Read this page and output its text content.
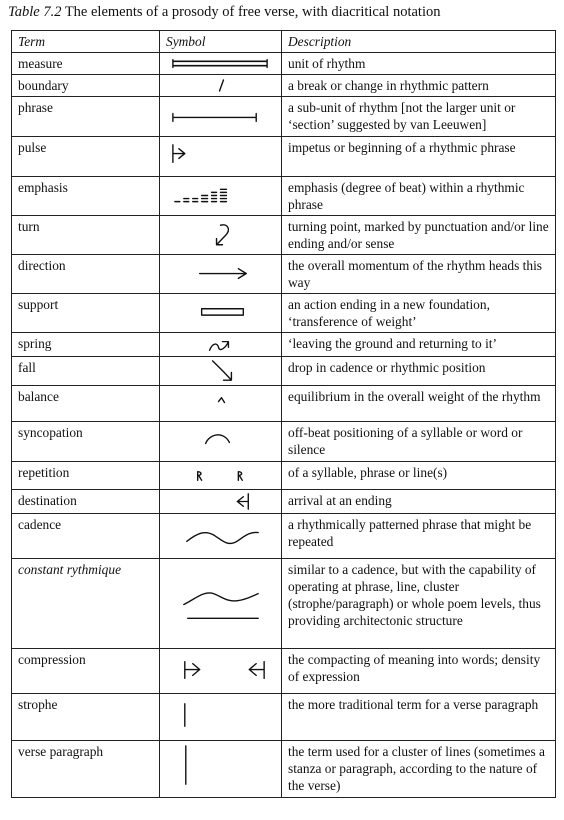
Table 7.2 The elements of a prosody of free verse, with diacritical notation
Term	Symbol	Description
measure		unit of rhythm
boundary		a break or change in rhythmic pattern
phrase		a sub-unit of rhythm [not the larger unit or ‘section’ suggested by van Leeuwen]
pulse		impetus or beginning of a rhythmic phrase
emphasis		emphasis (degree of beat) within a rhythmic phrase
turn		turning point, marked by punctuation and/or line ending and/or sense
direction		the overall momentum of the rhythm heads this way
support		an action ending in a new foundation, ‘transference of weight’
spring		‘leaving the ground and returning to it’
fall		drop in cadence or rhythmic position
balance		equilibrium in the overall weight of the rhythm
syncopation		off-beat positioning of a syllable or word or silence
repetition		of a syllable, phrase or line(s)
destination		arrival at an ending
cadence		a rhythmically patterned phrase that might be repeated
constant rythmique		similar to a cadence, but with the capability of operating at phrase, line, cluster (strophe/paragraph) or whole poem levels, thus providing architectonic structure
compression		the compacting of meaning into words; density of expression
strophe		the more traditional term for a verse paragraph
verse paragraph		the term used for a cluster of lines (sometimes a stanza or paragraph, according to the nature of the verse)
